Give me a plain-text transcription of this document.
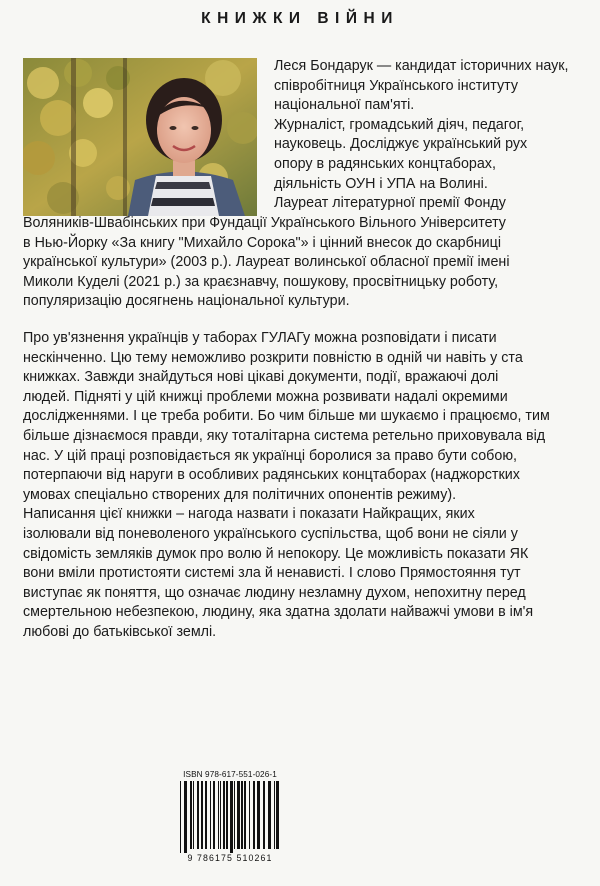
КНИЖКИ ВІЙНИ

Леся Бондарук — кандидат історичних наук,

співробітниця Українського інституту

національної пам'яті.

Журналіст, громадський діяч, педагог,

науковець. Досліджує український рух

опору в радянських концтаборах,

діяльність ОУН і УПА на Волині.

Лауреат літературної премії Фонду

Воляників-Швабінських при Фундації Українського Вільного Університету

в Нью-Йорку «За книгу "Михайло Сорока"» і цінний внесок до скарбниці

української культури» (2003 р.). Лауреат волинської обласної премії імені

Миколи Куделі (2021 р.) за краєзнавчу, пошукову, просвітницьку роботу,

популяризацію досягнень національної культури.

Про ув'язнення українців у таборах ГУЛАГу можна розповідати і писати

нескінченно. Цю тему неможливо розкрити повністю в одній чи навіть у ста

книжках. Завжди знайдуться нові цікаві документи, події, вражаючі долі

людей. Підняті у цій книжці проблеми можна розвивати надалі окремими

дослідженнями. І це треба робити. Бо чим більше ми шукаємо і працюємо, тим

більше дізнаємося правди, яку тоталітарна система ретельно приховувала від

нас. У цій праці розповідається як українці боролися за право бути собою,

потерпаючи від наруги в особливих радянських концтаборах (наджорстких

умовах спеціально створених для політичних опонентів режиму).

Написання цієї книжки – нагода назвати і показати Найкращих, яких

ізолювали від поневоленого українського суспільства, щоб вони не сіяли у

свідомість земляків думок про волю й непокору. Це можливість показати ЯК

вони вміли протистояти системі зла й ненависті. І слово Прямостояння тут

виступає як поняття, що означає людину незламну духом, непохитну перед

смертельною небезпекою, людину, яка здатна здолати найважчі умови в ім'я

любові до батьківської землі.

ISBN 978-617-551-026-1
9 786175 510261
